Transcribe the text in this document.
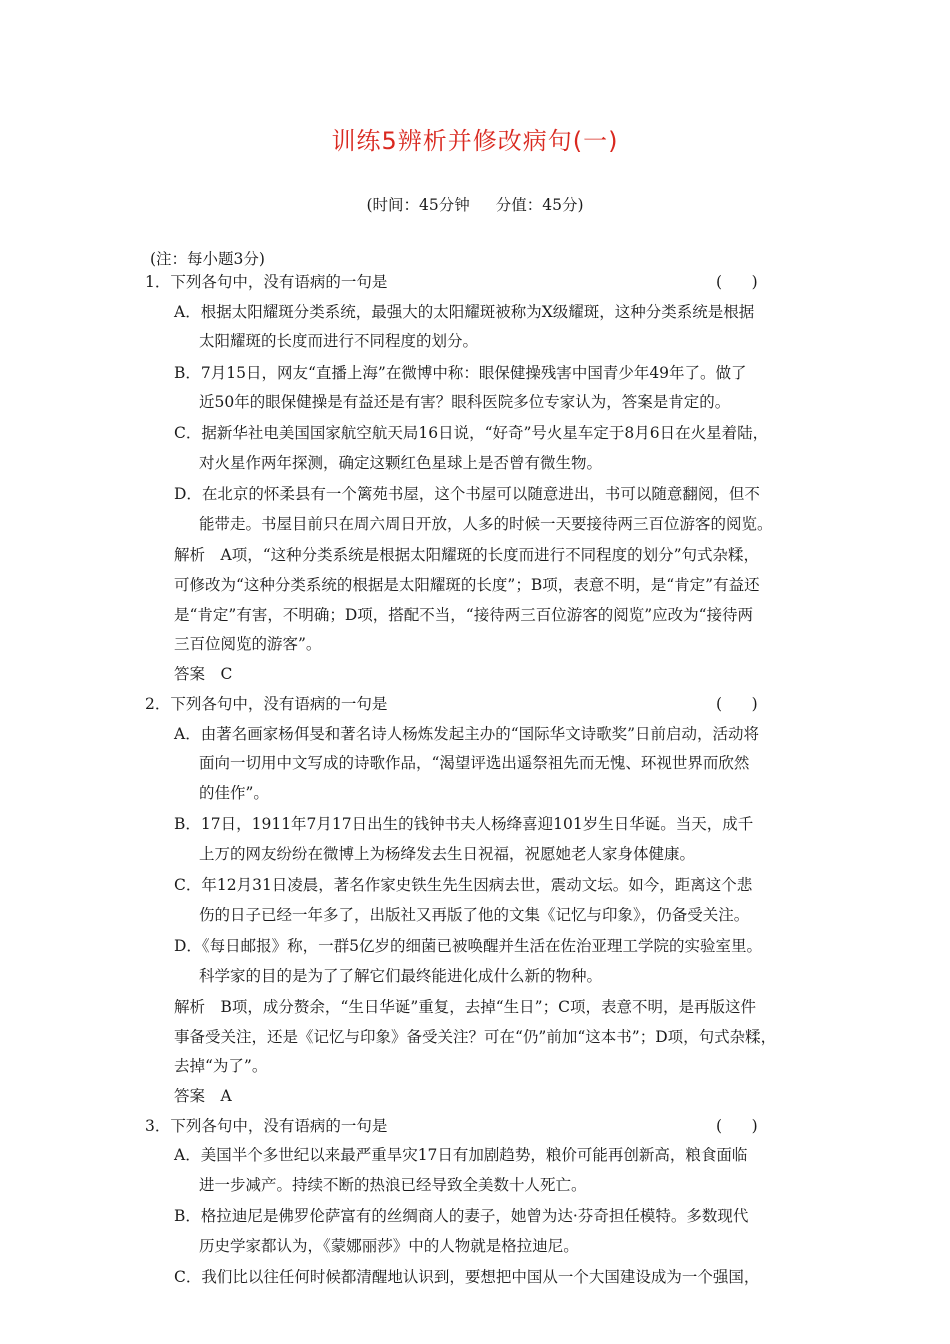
训练5辨析并修改病句(一)
(时间：45分钟 分值：45分)
(注：每小题3分)
1．下列各句中，没有语病的一句是	(      )
A．根据太阳耀斑分类系统，最强大的太阳耀斑被称为X级耀斑，这种分类系统是根据
太阳耀斑的长度而进行不同程度的划分。
B．7月15日，网友“直播上海”在微博中称：眼保健操残害中国青少年49年了。做了
近50年的眼保健操是有益还是有害？眼科医院多位专家认为，答案是肯定的。
C．据新华社电美国国家航空航天局16日说，“好奇”号火星车定于8月6日在火星着陆，
对火星作两年探测，确定这颗红色星球上是否曾有微生物。
D．在北京的怀柔县有一个篱苑书屋，这个书屋可以随意进出，书可以随意翻阅，但不
能带走。书屋目前只在周六周日开放，人多的时候一天要接待两三百位游客的阅览。
解析　A项，“这种分类系统是根据太阳耀斑的长度而进行不同程度的划分”句式杂糅，
可修改为“这种分类系统的根据是太阳耀斑的长度”；B项，表意不明，是“肯定”有益还
是“肯定”有害，不明确；D项，搭配不当，“接待两三百位游客的阅览”应改为“接待两
三百位阅览的游客”。
答案　C
2．下列各句中，没有语病的一句是	(      )
A．由著名画家杨佴旻和著名诗人杨炼发起主办的“国际华文诗歌奖”日前启动，活动将
面向一切用中文写成的诗歌作品，“渴望评选出遥祭祖先而无愧、环视世界而欣然
的佳作”。
B．17日，1911年7月17日出生的钱钟书夫人杨绛喜迎101岁生日华诞。当天，成千
上万的网友纷纷在微博上为杨绛发去生日祝福，祝愿她老人家身体健康。
C．年12月31日凌晨，著名作家史铁生先生因病去世，震动文坛。如今，距离这个悲
伤的日子已经一年多了，出版社又再版了他的文集《记忆与印象》，仍备受关注。
D．《每日邮报》称，一群5亿岁的细菌已被唤醒并生活在佐治亚理工学院的实验室里。
科学家的目的是为了了解它们最终能进化成什么新的物种。
解析　B项，成分赘余，“生日华诞”重复，去掉“生日”；C项，表意不明，是再版这件
事备受关注，还是《记忆与印象》备受关注？可在“仍”前加“这本书”；D项，句式杂糅，
去掉“为了”。
答案　A
3．下列各句中，没有语病的一句是	(      )
A．美国半个多世纪以来最严重旱灾17日有加剧趋势，粮价可能再创新高，粮食面临
进一步减产。持续不断的热浪已经导致全美数十人死亡。
B．格拉迪尼是佛罗伦萨富有的丝绸商人的妻子，她曾为达·芬奇担任模特。多数现代
历史学家都认为，《蒙娜丽莎》中的人物就是格拉迪尼。
C．我们比以往任何时候都清醒地认识到，要想把中国从一个大国建设成为一个强国，
